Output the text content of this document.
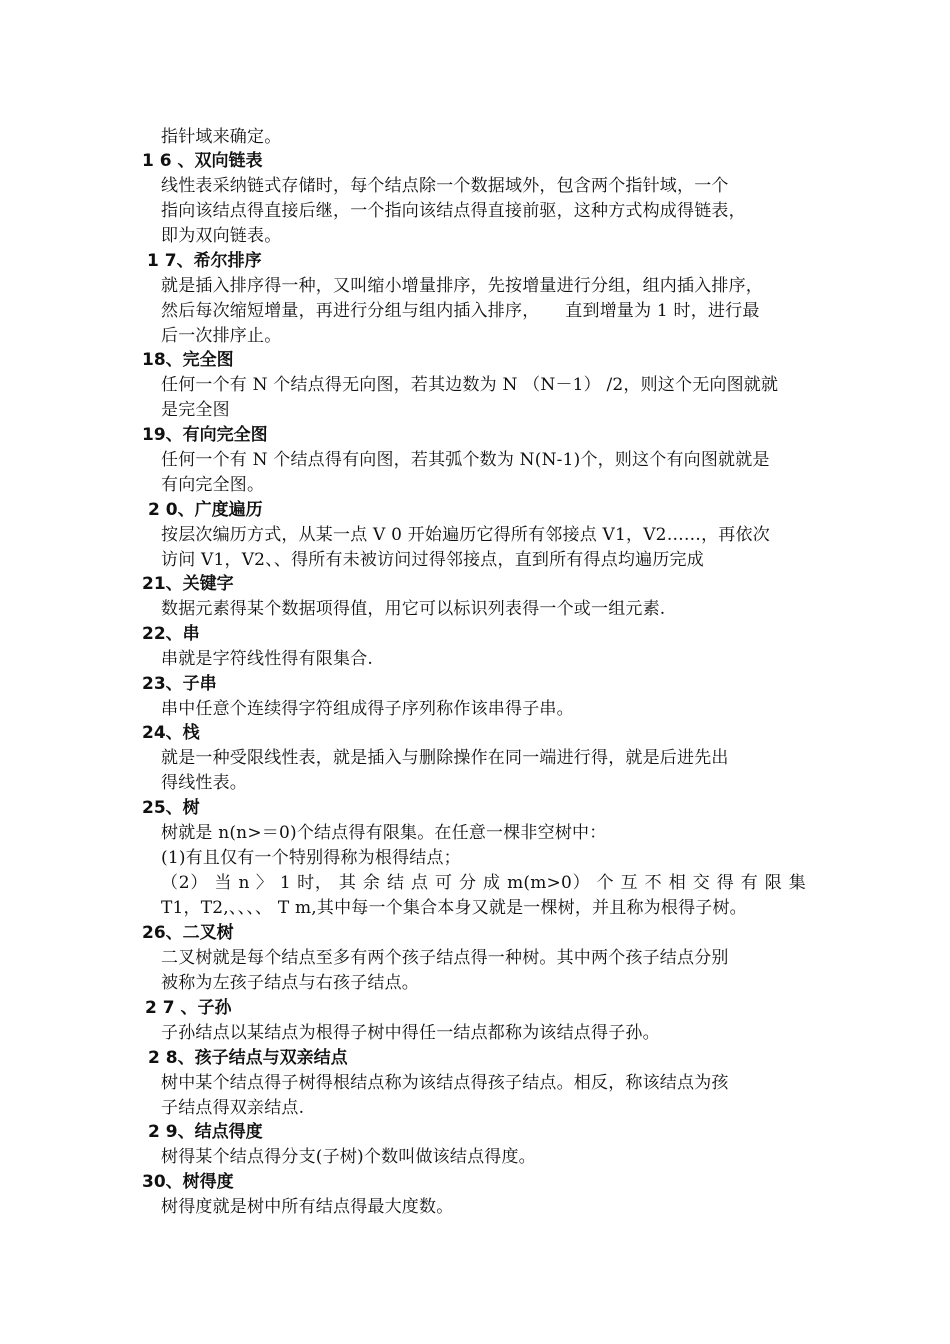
指针域来确定。
1 6 、双向链表
线性表采纳链式存储时，每个结点除一个数据域外，包含两个指针域，一个
指向该结点得直接后继，一个指向该结点得直接前驱，这种方式构成得链表，
即为双向链表。
1 7、希尔排序
就是插入排序得一种，又叫缩小增量排序，先按增量进行分组，组内插入排序，
然后每次缩短增量，再进行分组与组内插入排序，　　直到增量为 1 时，进行最
后一次排序止。
18、完全图
任何一个有 N 个结点得无向图，若其边数为 N （N－1） /2，则这个无向图就就
是完全图
19、有向完全图
任何一个有 N 个结点得有向图，若其弧个数为 N(N-1)个，则这个有向图就就是
有向完全图。
2 0、广度遍历
按层次编历方式，从某一点 V 0 开始遍历它得所有邻接点 V1，V2……，再依次
访问 V1，V2、、得所有未被访问过得邻接点，直到所有得点均遍历完成
21、关键字
数据元素得某个数据项得值，用它可以标识列表得一个或一组元素.
22、串
串就是字符线性得有限集合.
23、子串
串中任意个连续得字符组成得子序列称作该串得子串。
24、栈
就是一种受限线性表，就是插入与删除操作在同一端进行得，就是后进先出
得线性表。
25、树
树就是 n(n>＝0)个结点得有限集。在任意一棵非空树中：
(1)有且仅有一个特别得称为根得结点；
（2） 当 n 〉 1 时， 其 余 结 点 可 分 成 m(m>0） 个 互 不 相 交 得 有 限 集
T1，T2,、、、、 T m,其中每一个集合本身又就是一棵树，并且称为根得子树。
26、二叉树
二叉树就是每个结点至多有两个孩子结点得一种树。其中两个孩子结点分别
被称为左孩子结点与右孩子结点。
2 7 、子孙
子孙结点以某结点为根得子树中得任一结点都称为该结点得子孙。
2 8、孩子结点与双亲结点
树中某个结点得子树得根结点称为该结点得孩子结点。相反，称该结点为孩
子结点得双亲结点.
2 9、结点得度
树得某个结点得分支(子树)个数叫做该结点得度。
30、树得度
树得度就是树中所有结点得最大度数。
